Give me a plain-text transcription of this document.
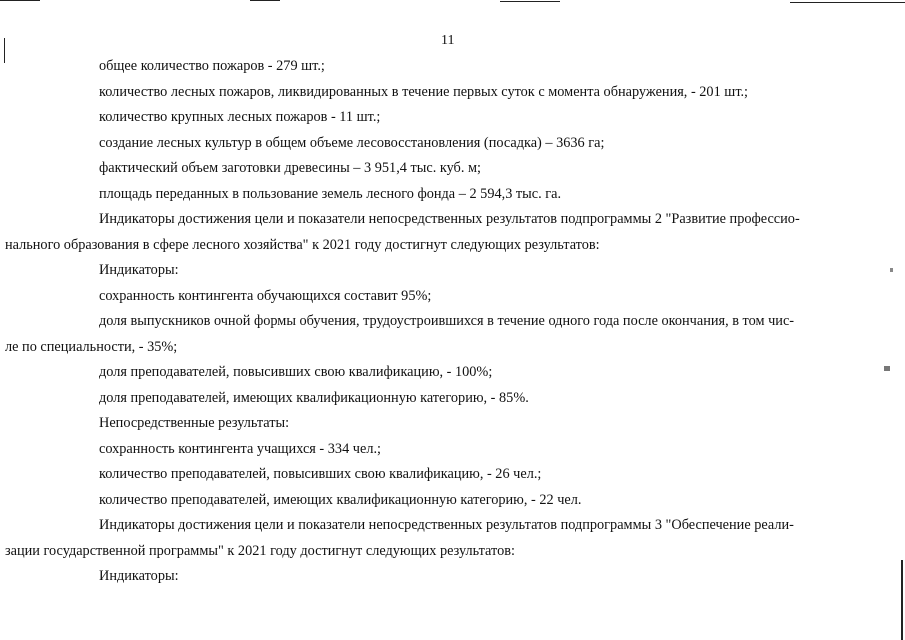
11
общее количество пожаров - 279 шт.;
количество лесных пожаров, ликвидированных в течение первых суток с момента обнаружения, - 201 шт.;
количество крупных лесных пожаров - 11 шт.;
создание лесных культур в общем объеме лесовосстановления (посадка) – 3636 га;
фактический объем заготовки древесины – 3 951,4 тыс. куб. м;
площадь переданных в пользование земель лесного фонда – 2 594,3 тыс. га.
Индикаторы достижения цели и показатели непосредственных результатов подпрограммы 2 "Развитие профессио-
нального образования в сфере лесного хозяйства" к 2021 году достигнут следующих результатов:
Индикаторы:
сохранность контингента обучающихся составит 95%;
доля выпускников очной формы обучения, трудоустроившихся в течение одного года после окончания, в том чис-
ле по специальности, - 35%;
доля преподавателей, повысивших свою квалификацию, - 100%;
доля преподавателей, имеющих квалификационную категорию, - 85%.
Непосредственные результаты:
сохранность контингента учащихся - 334 чел.;
количество преподавателей, повысивших свою квалификацию, - 26 чел.;
количество преподавателей, имеющих квалификационную категорию, - 22 чел.
Индикаторы достижения цели и показатели непосредственных результатов подпрограммы 3 "Обеспечение реали-
зации государственной программы" к 2021 году достигнут следующих результатов:
Индикаторы:
